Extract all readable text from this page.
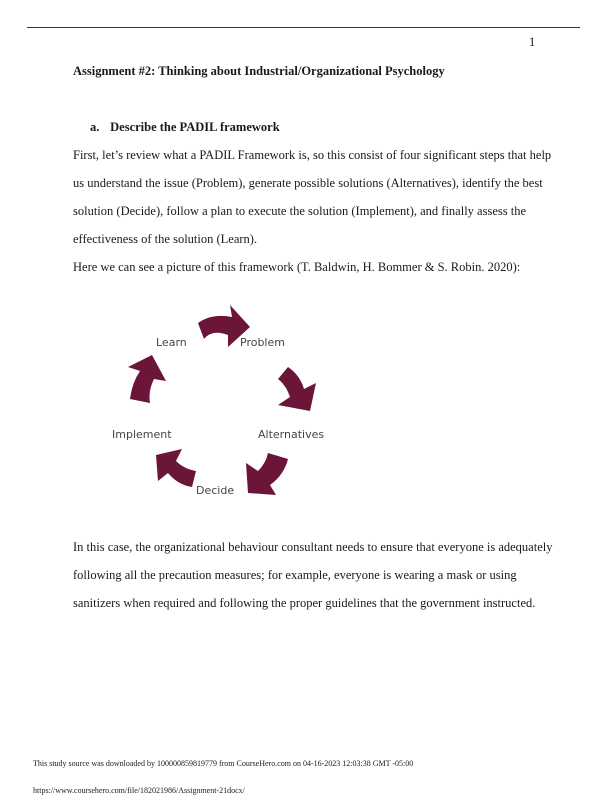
1
Assignment #2: Thinking about Industrial/Organizational Psychology
a. Describe the PADIL framework
First, let’s review what a PADIL Framework is, so this consist of four significant steps that help
us understand the issue (Problem), generate possible solutions (Alternatives), identify the best
solution (Decide), follow a plan to execute the solution (Implement), and finally assess the
effectiveness of the solution (Learn).
Here we can see a picture of this framework (T. Baldwin, H. Bommer & S. Robin. 2020):
Learn	Problem
Alternatives
Implement
Decide
In this case, the organizational behaviour consultant needs to ensure that everyone is adequately
following all the precaution measures; for example, everyone is wearing a mask or using
sanitizers when required and following the proper guidelines that the government instructed.
This study source was downloaded by 100000859819779 from CourseHero.com on 04-16-2023 12:03:38 GMT -05:00
https://www.coursehero.com/file/182021986/Assignment-21docx/
